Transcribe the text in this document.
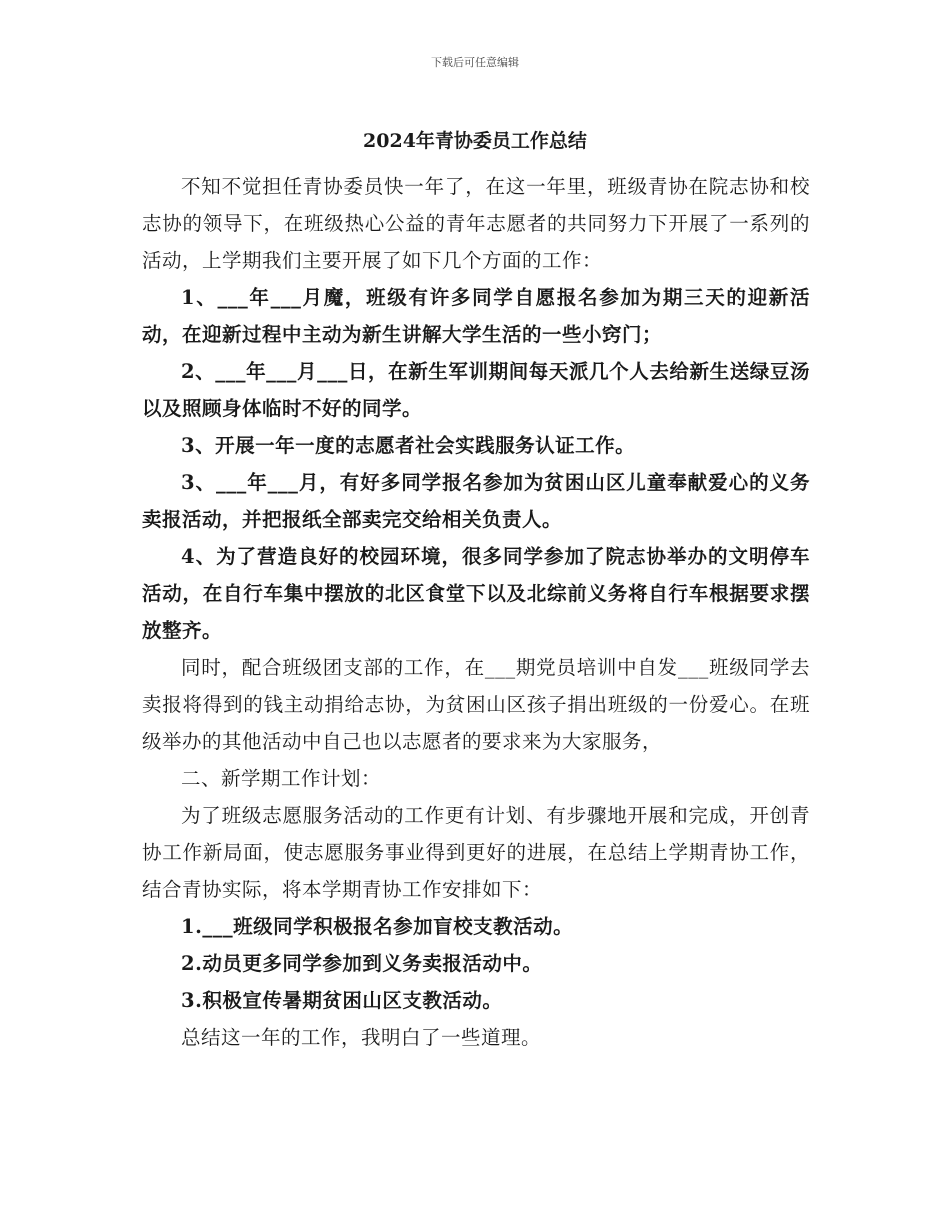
下载后可任意编辑
2024年青协委员工作总结

不知不觉担任青协委员快一年了，在这一年里，班级青协在院志协和校志协的领导下，在班级热心公益的青年志愿者的共同努力下开展了一系列的活动，上学期我们主要开展了如下几个方面的工作：

1、___年___月魔，班级有许多同学自愿报名参加为期三天的迎新活动，在迎新过程中主动为新生讲解大学生活的一些小窍门；

2、___年___月___日，在新生军训期间每天派几个人去给新生送绿豆汤以及照顾身体临时不好的同学。

3、开展一年一度的志愿者社会实践服务认证工作。

3、___年___月，有好多同学报名参加为贫困山区儿童奉献爱心的义务卖报活动，并把报纸全部卖完交给相关负责人。

4、为了营造良好的校园环境，很多同学参加了院志协举办的文明停车活动，在自行车集中摆放的北区食堂下以及北综前义务将自行车根据要求摆放整齐。

同时，配合班级团支部的工作，在___期党员培训中自发___班级同学去卖报将得到的钱主动捐给志协，为贫困山区孩子捐出班级的一份爱心。在班级举办的其他活动中自己也以志愿者的要求来为大家服务，

二、新学期工作计划：

为了班级志愿服务活动的工作更有计划、有步骤地开展和完成，开创青协工作新局面，使志愿服务事业得到更好的进展，在总结上学期青协工作，结合青协实际，将本学期青协工作安排如下：

1.___班级同学积极报名参加盲校支教活动。

2.动员更多同学参加到义务卖报活动中。

3.积极宣传暑期贫困山区支教活动。

总结这一年的工作，我明白了一些道理。
